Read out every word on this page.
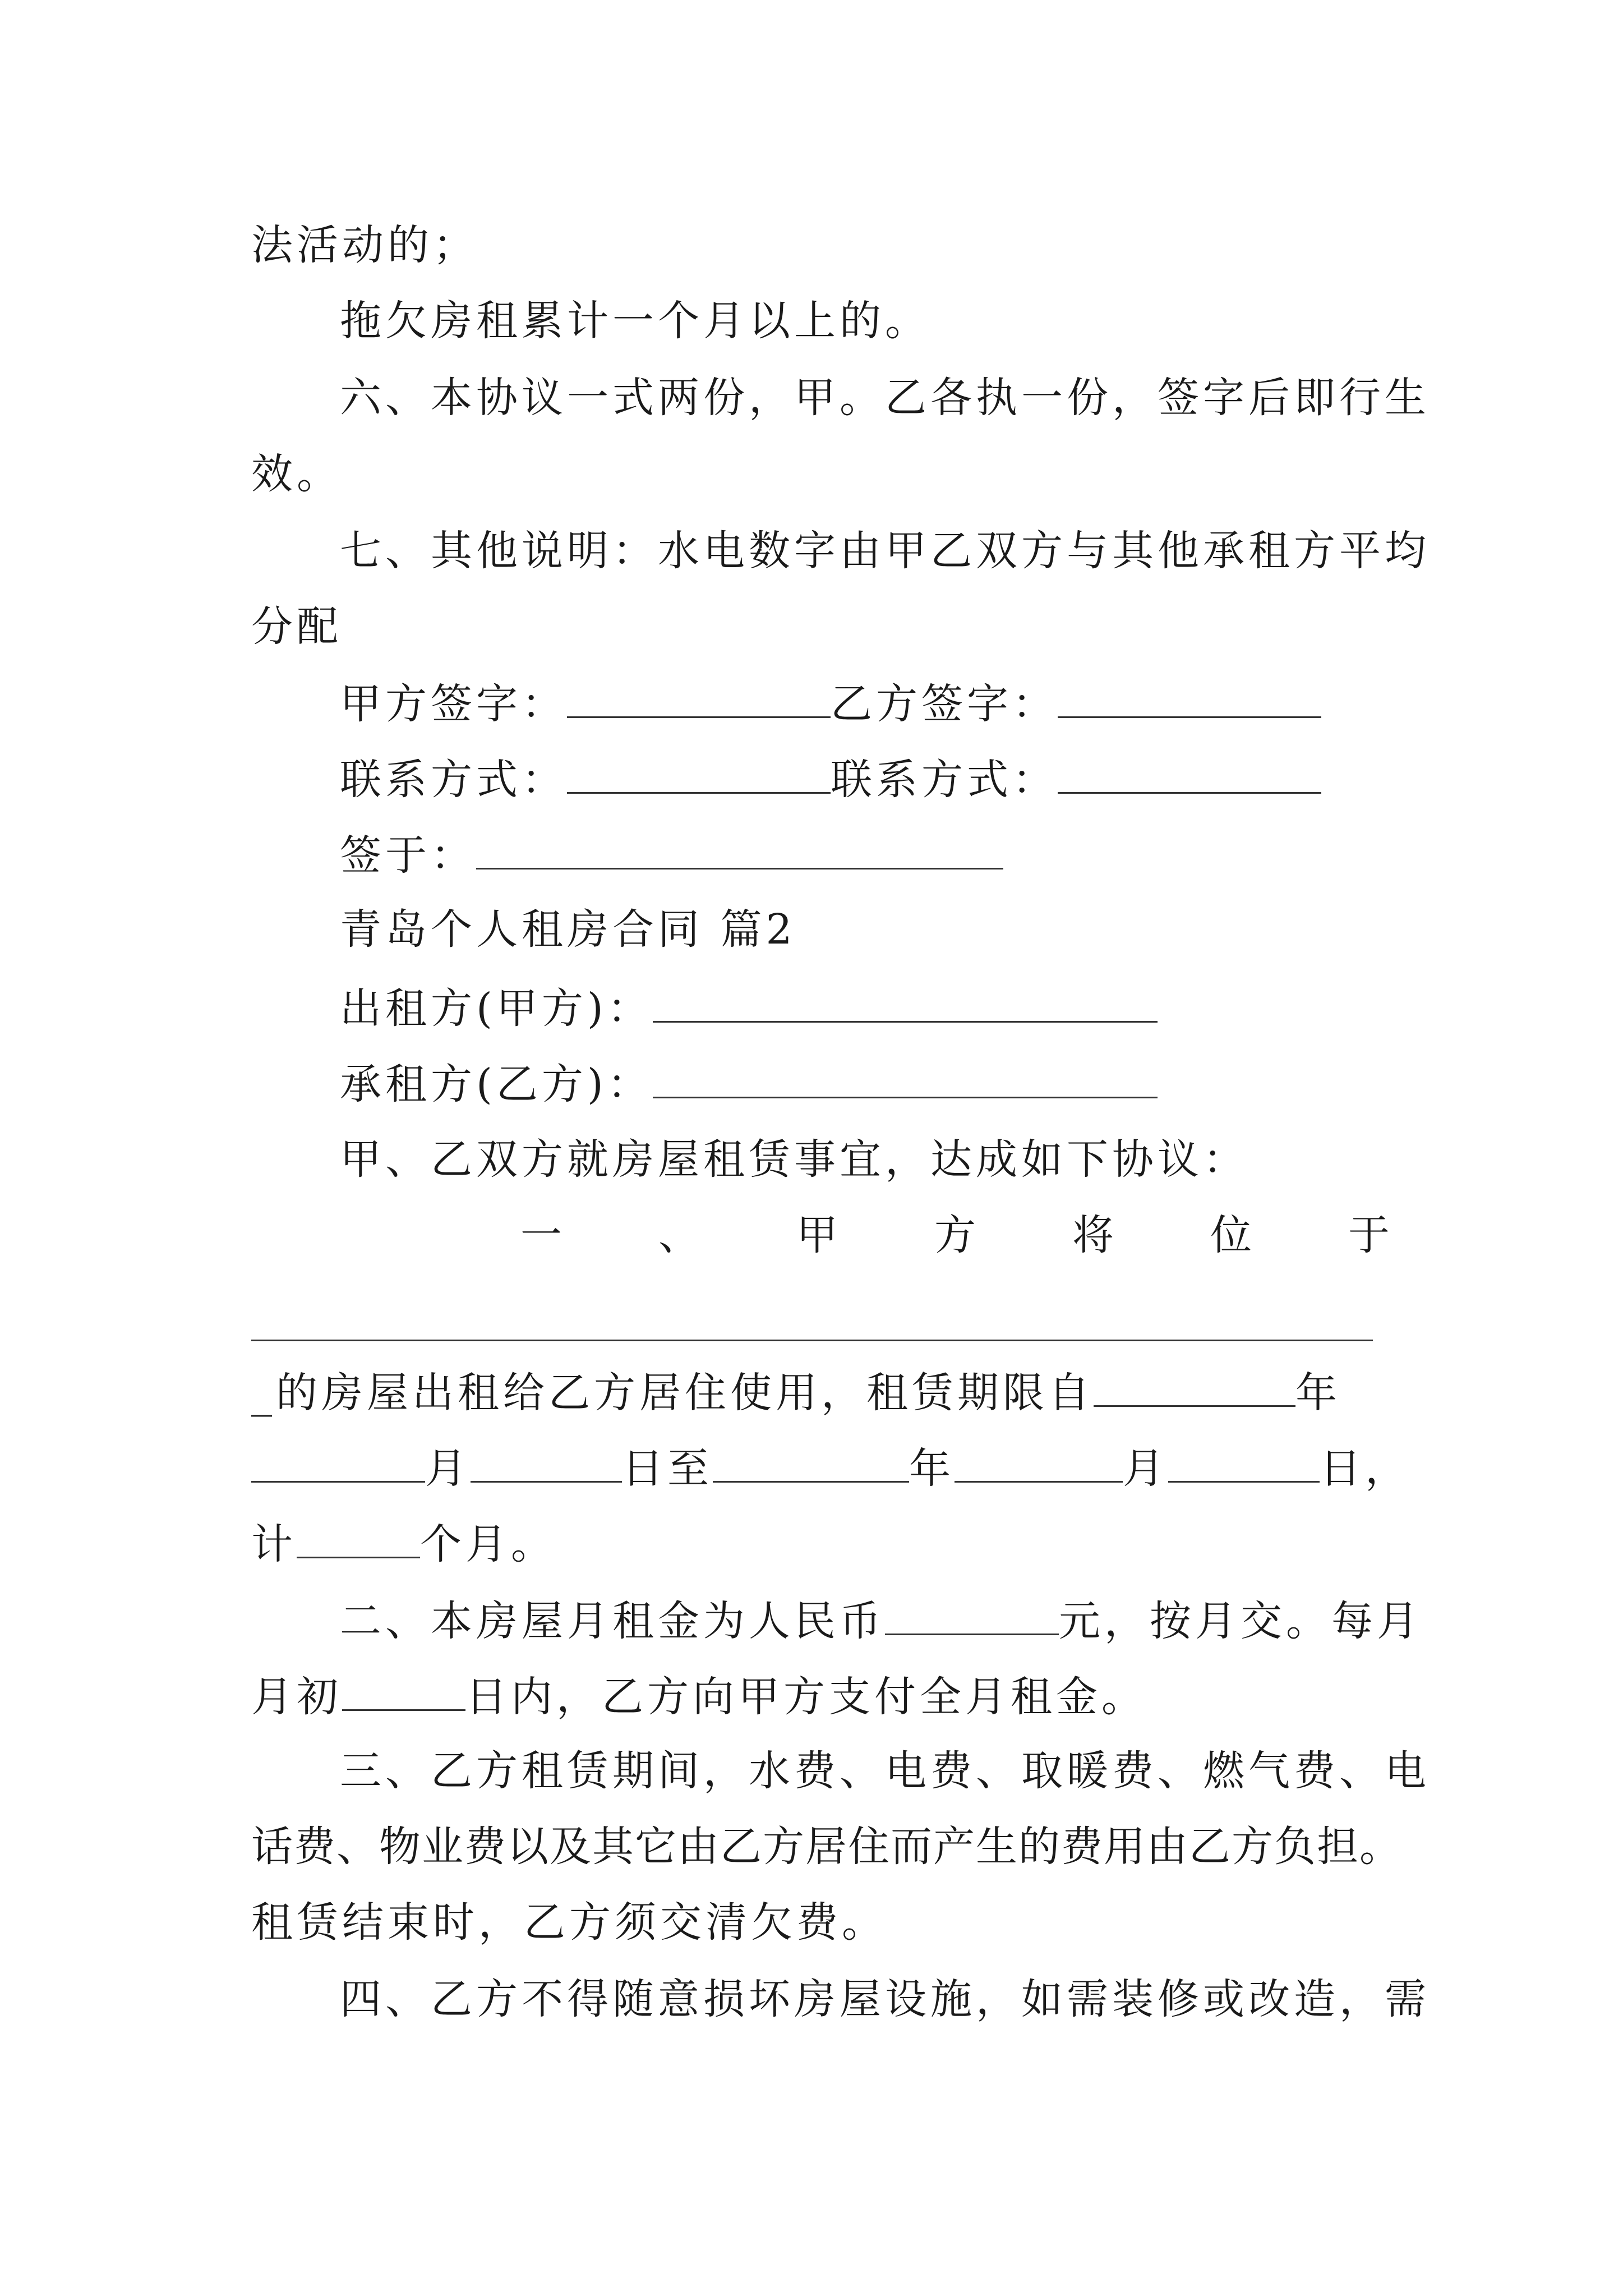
法活动的；
拖欠房租累计一个月以上的。
六、本协议一式两份，甲。乙各执一份，签字后即行生
效。
七、其他说明：水电数字由甲乙双方与其他承租方平均
分配
甲方签字：	乙方签字：
联系方式：	联系方式：
签于：
青岛个人租房合同 篇2
出租方(甲方)：
承租方(乙方)：
甲、乙双方就房屋租赁事宜，达成如下协议：
一 、 甲 方 将 位 于
_的房屋出租给乙方居住使用，租赁期限自	年
月	日至	年	月	日，
计	个月。
二、本房屋月租金为人民币	元，按月交。每月
月初	日内，乙方向甲方支付全月租金。
三、乙方租赁期间，水费、电费、取暖费、燃气费、电
话费、物业费以及其它由乙方居住而产生的费用由乙方负担。
租赁结束时，乙方须交清欠费。
四、乙方不得随意损坏房屋设施，如需装修或改造，需
